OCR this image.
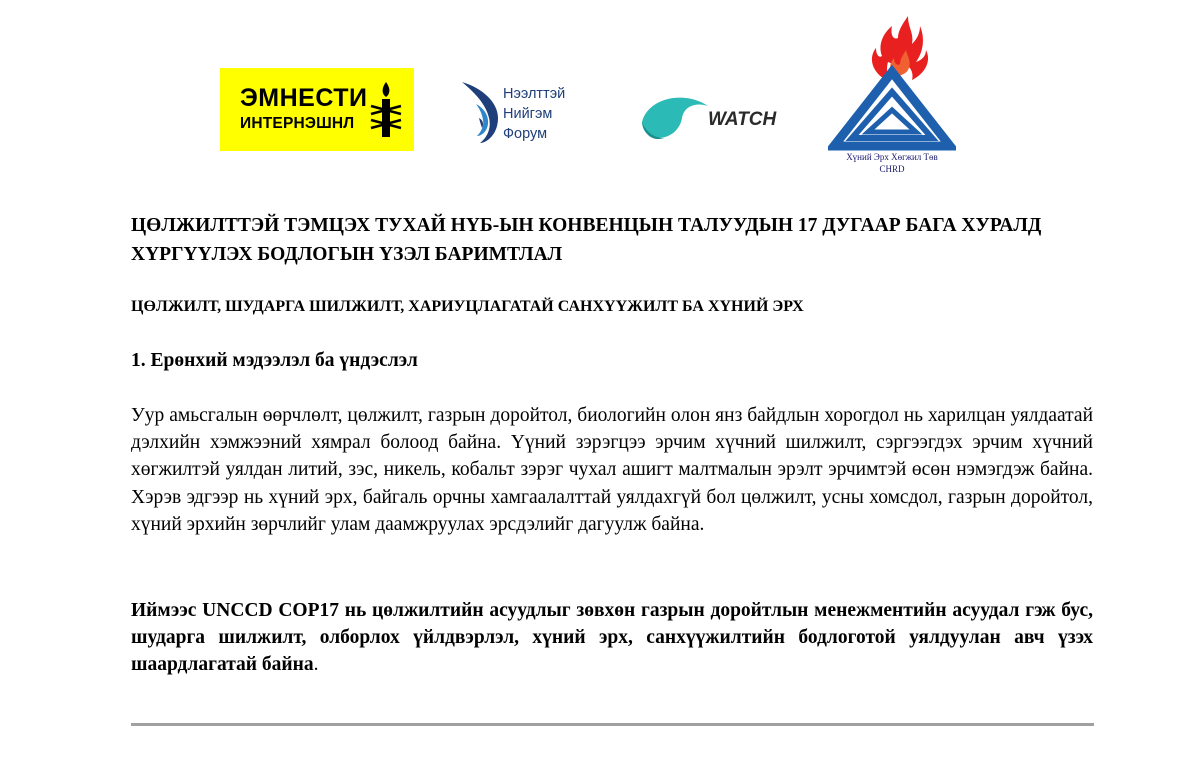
ЭМНЕСТИ
ИНТЕРНЭШНЛ
Нээлттэй
Нийгэм
Форум
OT WATCH
Хүний Эрх Хөгжил Төв
CHRD
ЦӨЛЖИЛТТЭЙ ТЭМЦЭХ ТУХАЙ НҮБ-ЫН КОНВЕНЦЫН ТАЛУУДЫН 17 ДУГААР БАГА ХУРАЛД ХҮРГҮҮЛЭХ БОДЛОГЫН ҮЗЭЛ БАРИМТЛАЛ
ЦӨЛЖИЛТ, ШУДАРГА ШИЛЖИЛТ, ХАРИУЦЛАГАТАЙ САНХҮҮЖИЛТ БА ХҮНИЙ ЭРХ
1. Ерөнхий мэдээлэл ба үндэслэл

Уур амьсгалын өөрчлөлт, цөлжилт, газрын доройтол, биологийн олон янз байдлын хорогдол нь харилцан уялдаатай дэлхийн хэмжээний хямрал болоод байна. Үүний зэрэгцээ эрчим хүчний шилжилт, сэргээгдэх эрчим хүчний хөгжилтэй уялдан литий, зэс, никель, кобальт зэрэг чухал ашигт малтмалын эрэлт эрчимтэй өсөн нэмэгдэж байна. Хэрэв эдгээр нь хүний эрх, байгаль орчны хамгаалалттай уялдахгүй бол цөлжилт, усны хомсдол, газрын доройтол, хүний эрхийн зөрчлийг улам даамжруулах эрсдэлийг дагуулж байна.

Иймээс UNCCD COP17 нь цөлжилтийн асуудлыг зөвхөн газрын доройтлын менежментийн асуудал гэж бус, шударга шилжилт, олборлох үйлдвэрлэл, хүний эрх, санхүүжилтийн бодлоготой уялдуулан авч үзэх шаардлагатай байна.
